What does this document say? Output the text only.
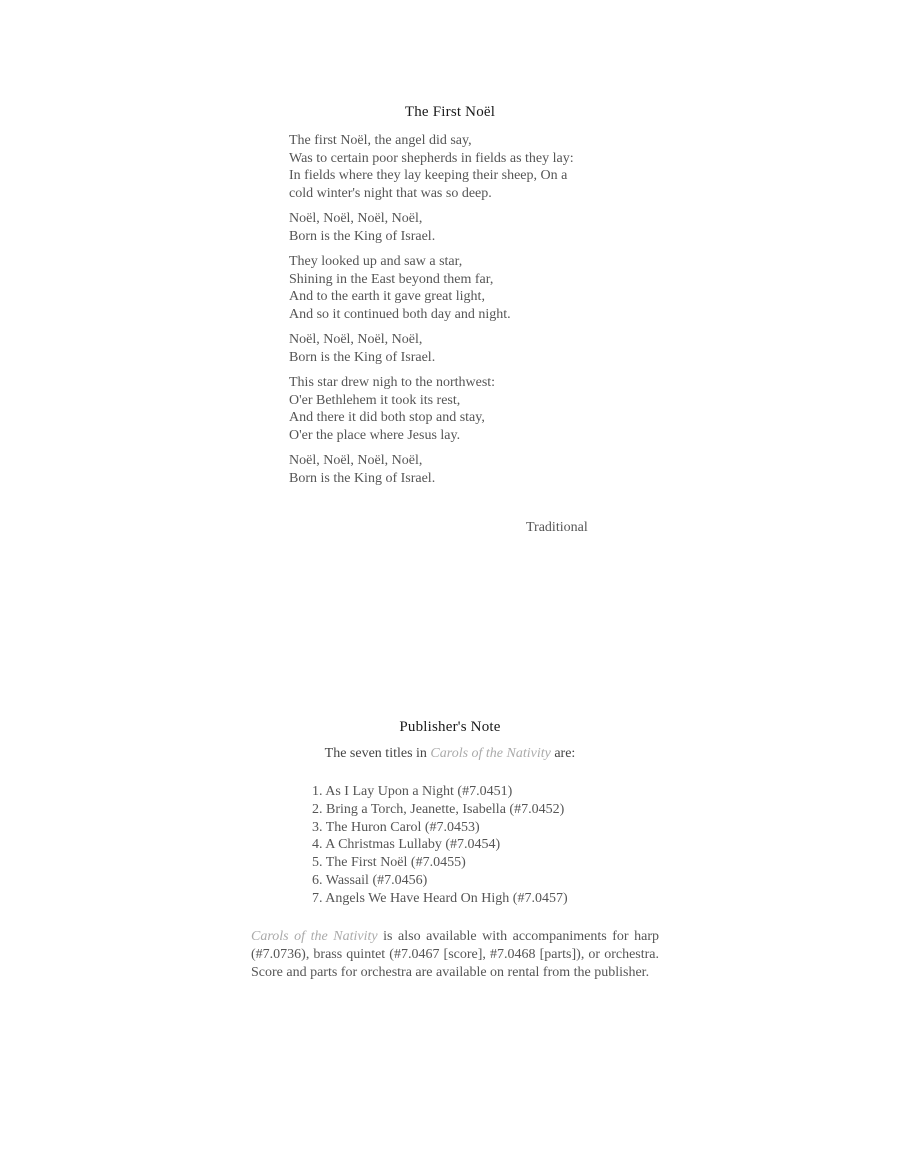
The First Noël
The first Noël, the angel did say,
Was to certain poor shepherds in fields as they lay:
In fields where they lay keeping their sheep, On a
cold winter's night that was so deep.
Noël, Noël, Noël, Noël,
Born is the King of Israel.
They looked up and saw a star,
Shining in the East beyond them far,
And to the earth it gave great light,
And so it continued both day and night.
Noël, Noël, Noël, Noël,
Born is the King of Israel.
This star drew nigh to the northwest:
O'er Bethlehem it took its rest,
And there it did both stop and stay,
O'er the place where Jesus lay.
Noël, Noël, Noël, Noël,
Born is the King of Israel.
Traditional
Publisher's Note
The seven titles in Carols of the Nativity are:
1. As I Lay Upon a Night (#7.0451)
2. Bring a Torch, Jeanette, Isabella (#7.0452)
3. The Huron Carol (#7.0453)
4. A Christmas Lullaby (#7.0454)
5. The First Noël (#7.0455)
6. Wassail (#7.0456)
7. Angels We Have Heard On High (#7.0457)
Carols of the Nativity is also available with accompaniments for harp (#7.0736), brass quintet (#7.0467 [score], #7.0468 [parts]), or orchestra. Score and parts for orchestra are available on rental from the publisher.
